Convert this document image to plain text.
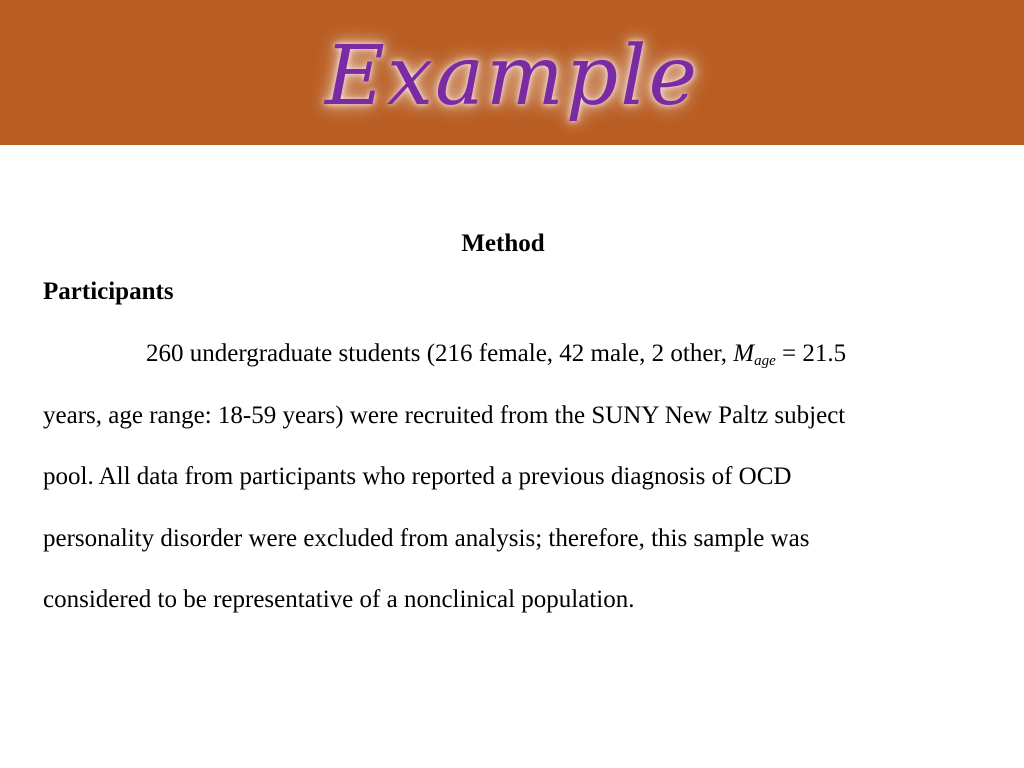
Example
Method
Participants
260 undergraduate students (216 female, 42 male, 2 other, Mage = 21.5
years, age range: 18-59 years) were recruited from the SUNY New Paltz subject
pool. All data from participants who reported a previous diagnosis of OCD
personality disorder were excluded from analysis; therefore, this sample was
considered to be representative of a nonclinical population.
